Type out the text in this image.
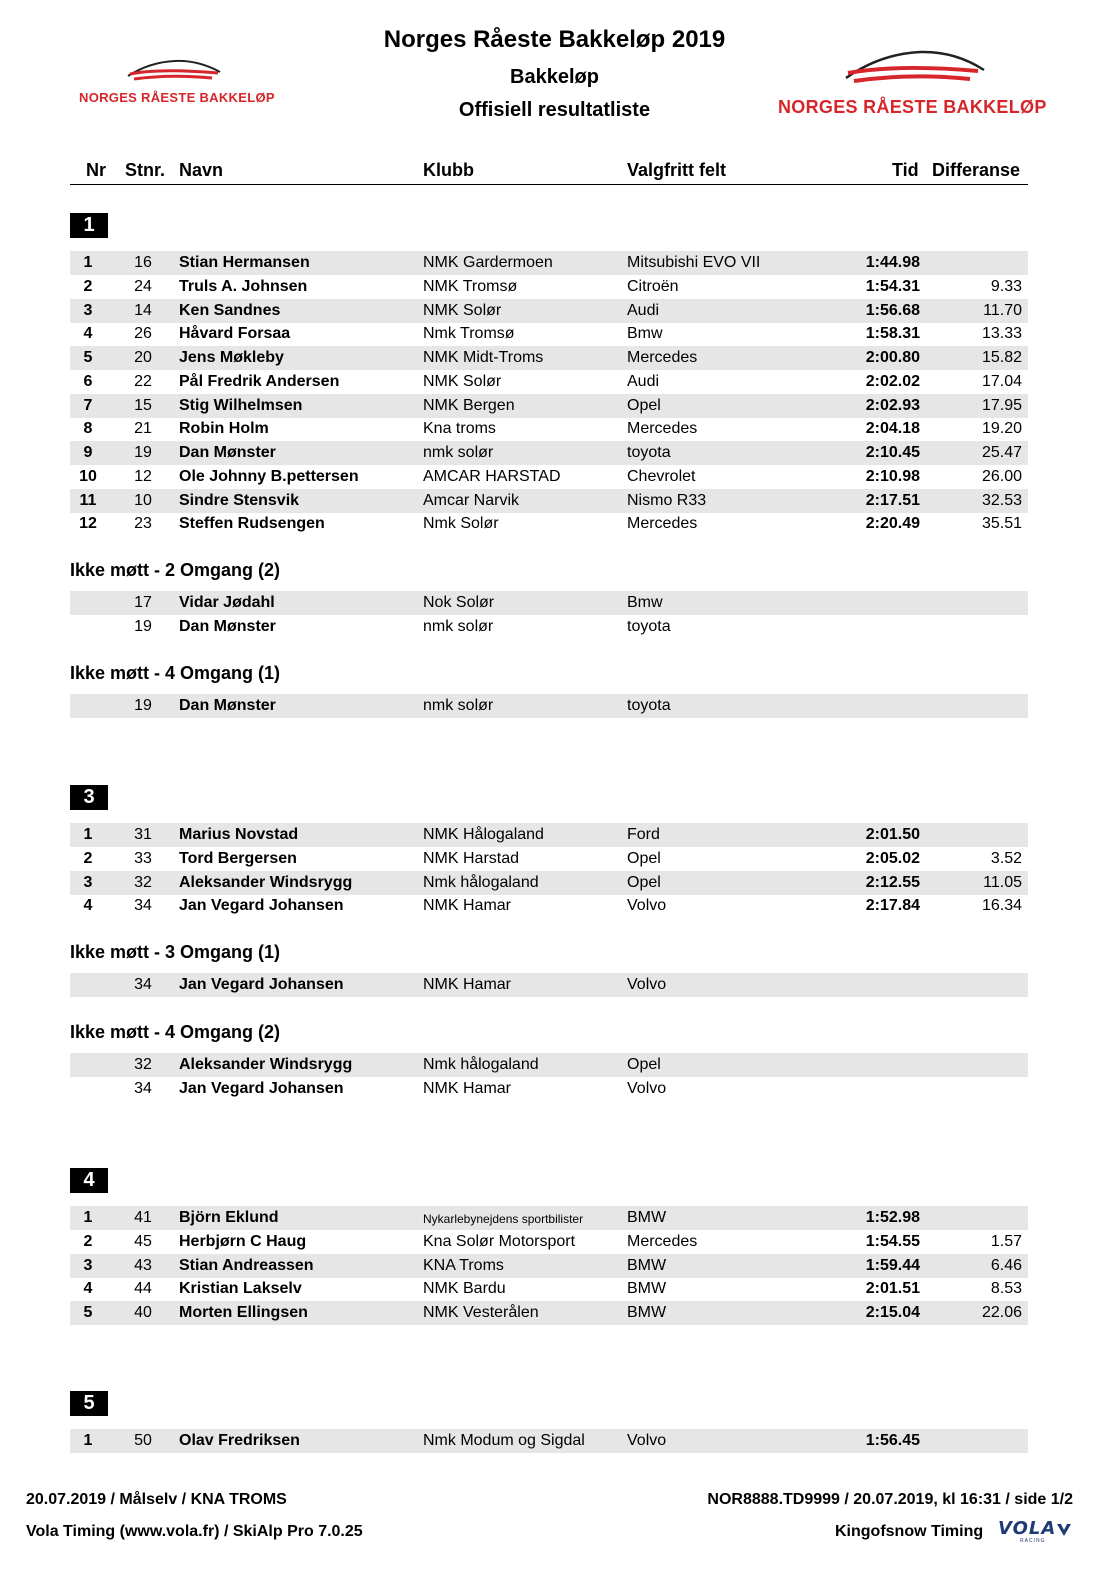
Norges Råeste Bakkeløp 2019
Bakkeløp
Offisiell resultatliste
NORGES RÅESTE BAKKELØP	NORGES RÅESTE BAKKELØP
Nr Stnr. Navn	Klubb	Valgfritt felt	Tid Differanse
1
3
4
5
Ikke møtt - 2 Omgang (2)
Ikke møtt - 4 Omgang (1)
Ikke møtt - 3 Omgang (1)
Ikke møtt - 4 Omgang (2)
1	16	Stian Hermansen	NMK Gardermoen	Mitsubishi EVO VII	1:44.98
2	24	Truls A. Johnsen	NMK Tromsø	Citroën	1:54.31	9.33
3	14	Ken Sandnes	NMK Solør	Audi	1:56.68	11.70
4	26	Håvard Forsaa	Nmk Tromsø	Bmw	1:58.31	13.33
5	20	Jens Møkleby	NMK Midt-Troms	Mercedes	2:00.80	15.82
6	22	Pål Fredrik Andersen	NMK Solør	Audi	2:02.02	17.04
7	15	Stig Wilhelmsen	NMK Bergen	Opel	2:02.93	17.95
8	21	Robin Holm	Kna troms	Mercedes	2:04.18	19.20
9	19	Dan Mønster	nmk solør	toyota	2:10.45	25.47
10	12	Ole Johnny B.pettersen	AMCAR HARSTAD	Chevrolet	2:10.98	26.00
11	10	Sindre Stensvik	Amcar Narvik	Nismo R33	2:17.51	32.53
12	23	Steffen Rudsengen	Nmk Solør	Mercedes	2:20.49	35.51
17	Vidar Jødahl	Nok Solør	Bmw
19	Dan Mønster	nmk solør	toyota
19	Dan Mønster	nmk solør	toyota
1	31	Marius Novstad	NMK Hålogaland	Ford	2:01.50
2	33	Tord Bergersen	NMK Harstad	Opel	2:05.02	3.52
3	32	Aleksander Windsrygg	Nmk hålogaland	Opel	2:12.55	11.05
4	34	Jan Vegard Johansen	NMK Hamar	Volvo	2:17.84	16.34
34	Jan Vegard Johansen	NMK Hamar	Volvo
32	Aleksander Windsrygg	Nmk hålogaland	Opel
34	Jan Vegard Johansen	NMK Hamar	Volvo
1	41	Björn Eklund	Nykarlebynejdens sportbilister	BMW	1:52.98
2	45	Herbjørn C Haug	Kna Solør Motorsport	Mercedes	1:54.55	1.57
3	43	Stian Andreassen	KNA Troms	BMW	1:59.44	6.46
4	44	Kristian Lakselv	NMK Bardu	BMW	2:01.51	8.53
5	40	Morten Ellingsen	NMK Vesterålen	BMW	2:15.04	22.06
1	50	Olav Fredriksen	Nmk Modum og Sigdal	Volvo	1:56.45
20.07.2019 / Målselv / KNA TROMS	NOR8888.TD9999 / 20.07.2019, kl 16:31 / side 1/2
Vola Timing (www.vola.fr) / SkiAlp Pro 7.0.25	Kingofsnow Timing VOLA
RACING
